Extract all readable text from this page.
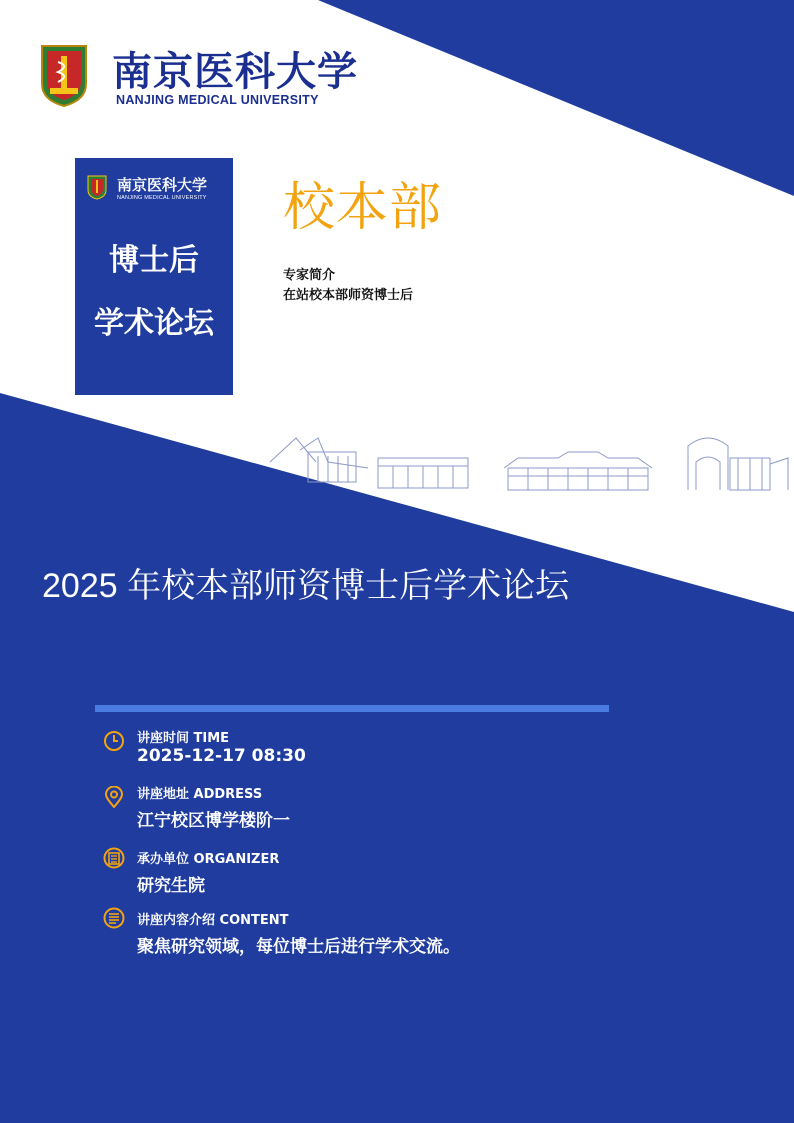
南京医科大学
NANJING MEDICAL UNIVERSITY
南京医科大学
NANJING MEDICAL UNIVERSITY
博士后
学术论坛
校本部
专家简介
在站校本部师资博士后
2025 年校本部师资博士后学术论坛
讲座时间 TIME
2025-12-17 08:30
讲座地址 ADDRESS
江宁校区博学楼阶一
承办单位 ORGANIZER
研究生院
讲座内容介绍 CONTENT
聚焦研究领域，每位博士后进行学术交流。
